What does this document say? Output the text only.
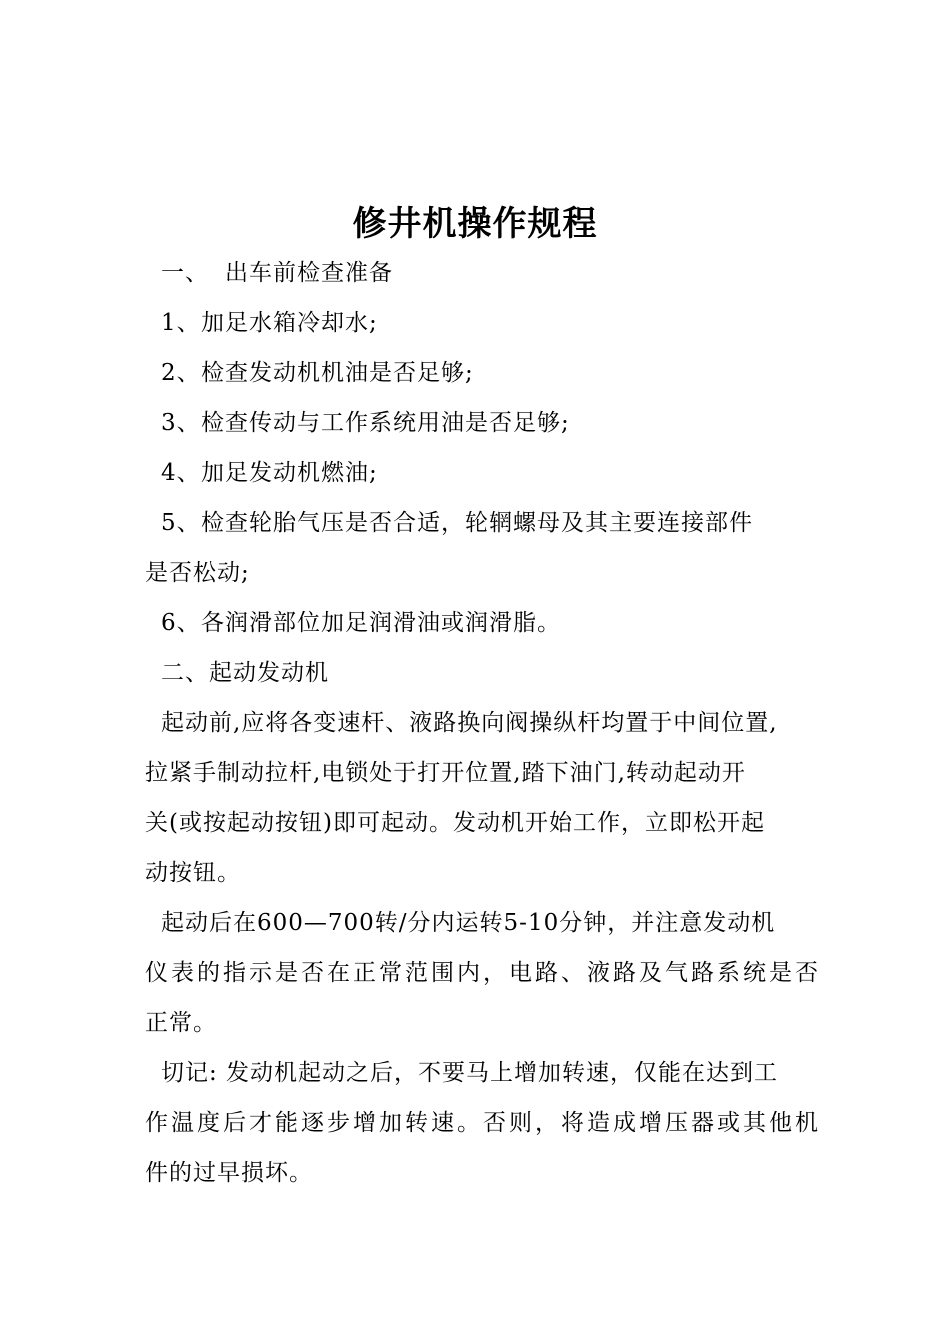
修井机操作规程
一、 出车前检查准备
1、加足水箱冷却水;
2、检查发动机机油是否足够;
3、检查传动与工作系统用油是否足够;
4、加足发动机燃油;
5、检查轮胎气压是否合适，轮辋螺母及其主要连接部件
是否松动;
6、各润滑部位加足润滑油或润滑脂。
二、起动发动机
起动前,应将各变速杆、液路换向阀操纵杆均置于中间位置,
拉紧手制动拉杆,电锁处于打开位置,踏下油门,转动起动开
关(或按起动按钮)即可起动。发动机开始工作，立即松开起
动按钮。
起动后在600—700转/分内运转5-10分钟，并注意发动机
仪表的指示是否在正常范围内，电路、液路及气路系统是否
正常。
切记: 发动机起动之后，不要马上增加转速，仅能在达到工
作温度后才能逐步增加转速。否则，将造成增压器或其他机
件的过早损坏。
